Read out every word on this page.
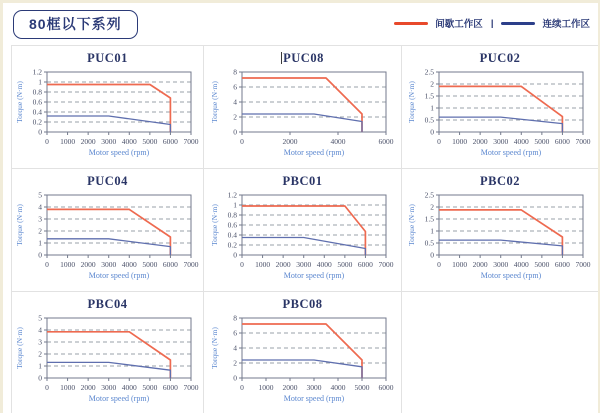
80框以下系列	间歇工作区 |	连续工作区
PUC01
0
0.2
0.4
0.6
0.8
1
1.2
0 1000 2000 3000 4000 5000 6000 7000
Motor speed (rpm)
Torque (N·m)
PUC08
0
2
4
6
8
0	2000	4000	6000
Motor speed (rpm)
Torque (N·m)
PUC02
0
0.5
1
1.5
2
2.5
0 1000 2000 3000 4000 5000 6000 7000
Motor speed (rpm)
Torque (N·m)
PUC04
0
1
2
3
4
5
0 1000 2000 3000 4000 5000 6000 7000
Motor speed (rpm)
Torque (N·m)
PBC01
0
0.2
0.4
0.6
0.8
1
1.2
0 1000 2000 3000 4000 5000 6000 7000
Motor speed (rpm)
Torque (N·m)
PBC02
0
0.5
1
1.5
2
2.5
0 1000 2000 3000 4000 5000 6000 7000
Motor speed (rpm)
Torque (N·m)
PBC04
0
1
2
3
4
5
0 1000 2000 3000 4000 5000 6000 7000
Motor speed (rpm)
Torque (N·m)
PBC08
0
2
4
6
8
0 1000 2000 3000 4000 5000 6000
Motor speed (rpm)
Torque (N·m)
